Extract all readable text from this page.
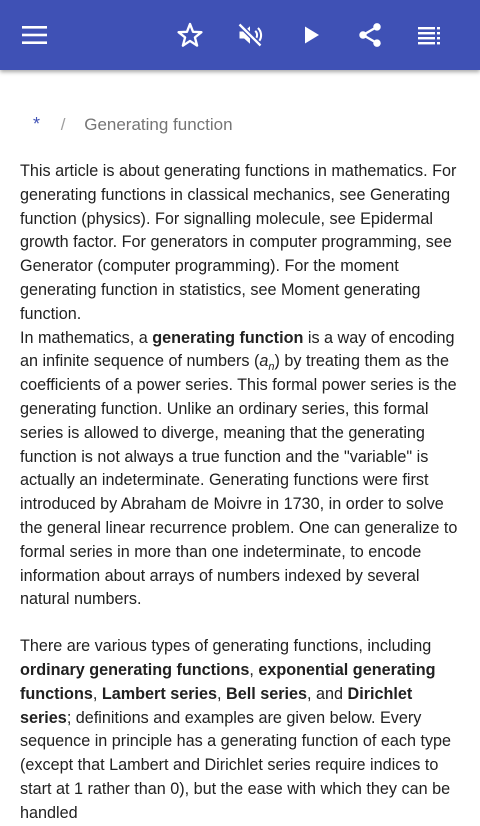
* / Generating function

This article is about generating functions in mathematics. For generating functions in classical mechanics, see Generating function (physics). For signalling molecule, see Epidermal growth factor. For generators in computer programming, see Generator (computer programming). For the moment generating function in statistics, see Moment generating function.

In mathematics, a generating function is a way of encoding an infinite sequence of numbers $(a_n)$ by treating them as the coefficients of a power series. This formal power series is the generating function. Unlike an ordinary series, this formal series is allowed to diverge, meaning that the generating function is not always a true function and the "variable" is actually an indeterminate. Generating functions were first introduced by Abraham de Moivre in 1730, in order to solve the general linear recurrence problem. One can generalize to formal series in more than one indeterminate, to encode information about arrays of numbers indexed by several natural numbers.

There are various types of generating functions, including ordinary generating functions, exponential generating functions, Lambert series, Bell series, and Dirichlet series; definitions and examples are given below. Every sequence in principle has a generating function of each type (except that Lambert and Dirichlet series require indices to start at 1 rather than 0), but the ease with which they can be handled
